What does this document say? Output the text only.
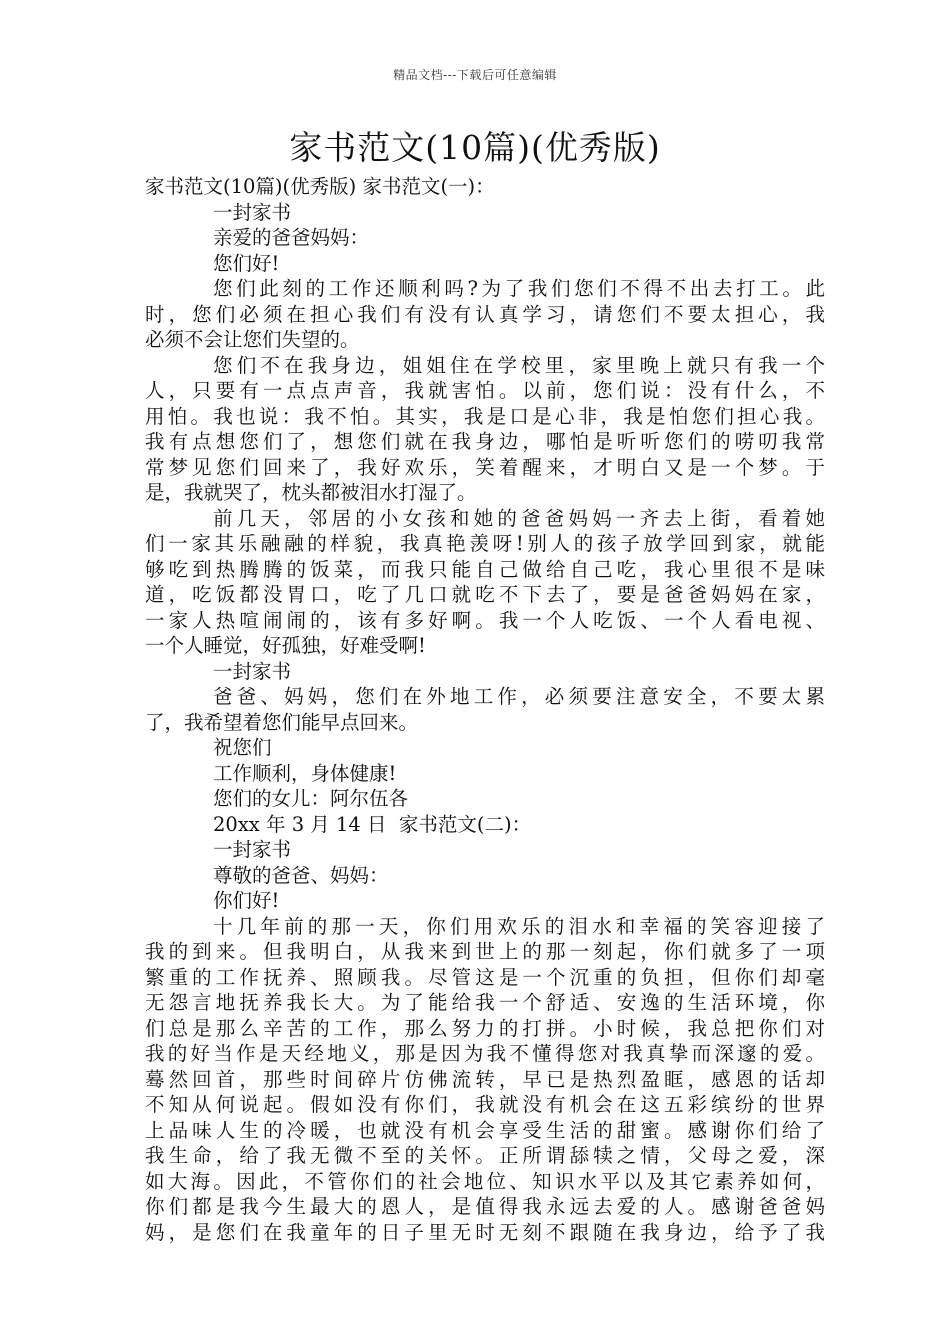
精品文档---下载后可任意编辑
家书范文(10篇)(优秀版)
家书范文(10篇)(优秀版) 家书范文(一)：
一封家书
亲爱的爸爸妈妈：
您们好!
您们此刻的工作还顺利吗?为了我们您们不得不出去打工。此
时，您们必须在担心我们有没有认真学习，请您们不要太担心，我
必须不会让您们失望的。
您们不在我身边，姐姐住在学校里，家里晚上就只有我一个
人，只要有一点点声音，我就害怕。以前，您们说：没有什么，不
用怕。我也说：我不怕。其实，我是口是心非，我是怕您们担心我。
我有点想您们了，想您们就在我身边，哪怕是听听您们的唠叨我常
常梦见您们回来了，我好欢乐，笑着醒来，才明白又是一个梦。于
是，我就哭了，枕头都被泪水打湿了。
前几天，邻居的小女孩和她的爸爸妈妈一齐去上街，看着她
们一家其乐融融的样貌，我真艳羡呀!别人的孩子放学回到家，就能
够吃到热腾腾的饭菜，而我只能自己做给自己吃，我心里很不是味
道，吃饭都没胃口，吃了几口就吃不下去了，要是爸爸妈妈在家，
一家人热喧闹闹的，该有多好啊。我一个人吃饭、一个人看电视、
一个人睡觉，好孤独，好难受啊!
一封家书
爸爸、妈妈，您们在外地工作，必须要注意安全，不要太累
了，我希望着您们能早点回来。
祝您们
工作顺利，身体健康!
您们的女儿：阿尔伍各
20xx 年 3 月 14 日  家书范文(二)：
一封家书
尊敬的爸爸、妈妈：
你们好!
十几年前的那一天，你们用欢乐的泪水和幸福的笑容迎接了
我的到来。但我明白，从我来到世上的那一刻起，你们就多了一项
繁重的工作抚养、照顾我。尽管这是一个沉重的负担，但你们却毫
无怨言地抚养我长大。为了能给我一个舒适、安逸的生活环境，你
们总是那么辛苦的工作，那么努力的打拼。小时候，我总把你们对
我的好当作是天经地义，那是因为我不懂得您对我真挚而深邃的爱。
蓦然回首，那些时间碎片仿佛流转，早已是热烈盈眶，感恩的话却
不知从何说起。假如没有你们，我就没有机会在这五彩缤纷的世界
上品味人生的冷暖，也就没有机会享受生活的甜蜜。感谢你们给了
我生命，给了我无微不至的关怀。正所谓舔犊之情，父母之爱，深
如大海。因此，不管你们的社会地位、知识水平以及其它素养如何，
你们都是我今生最大的恩人，是值得我永远去爱的人。感谢爸爸妈
妈，是您们在我童年的日子里无时无刻不跟随在我身边，给予了我
